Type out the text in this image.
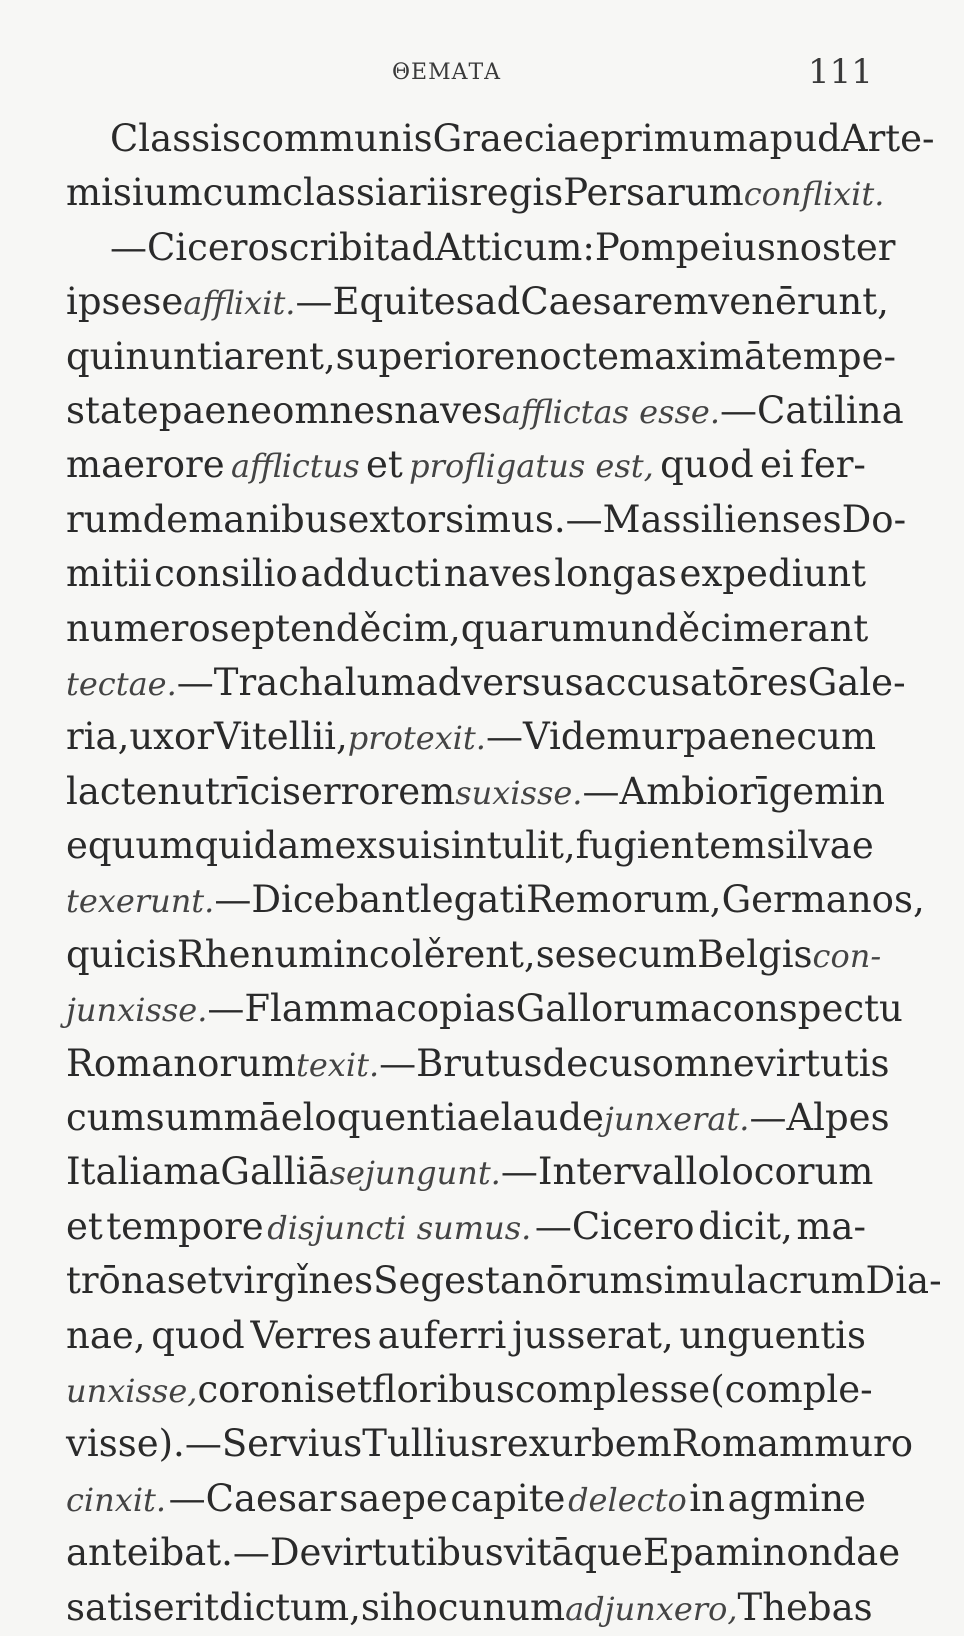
ΘΕΜΑΤΑ	111
Classis communis Graeciae primum apud Arte-
misium cum classiariis regis Persarum conflixit.
—Cicero scribit ad Atticum: Pompeius noster
ipse se afflixit. —Equites ad Caesarem venērunt,
qui nuntiarent, superiore nocte maximā tempe-
state paene omnes naves afflictas esse. —Catilina
maerore afflictus et profligatus est, quod ei fer-
rum de manibus extorsimus. —Massilienses Do-
mitii consilio adducti naves longas expediunt
numero septenděcim, quarum unděcim erant
tectae. —Trachalum adversus accusatōres Gale-
ria, uxor Vitellii, protexit. —Videmur paene cum
lacte nutrīcis errorem suxisse. —Ambiorīgem in
equum quidam ex suis intulit, fugientem silvae
texerunt. —Dicebant legati Remorum, Germanos,
qui cis Rhenum incolěrent, sese cum Belgis con-
junxisse. —Flamma copias Gallorum a conspectu
Romanorum texit. —Brutus decus omne virtutis
cum summā eloquentiae laude junxerat. —Alpes
Italiam a Galliā sejungunt. —Intervallo locorum
et tempore disjuncti sumus. —Cicero dicit, ma-
trōnas et virgǐnes Segestanōrum simulacrum Dia-
nae, quod Verres auferri jusserat, unguentis
unxisse, coronis et floribus complesse (comple-
visse). —Servius Tullius rex urbem Romam muro
cinxit. —Caesar saepe capite delecto in agmine
anteibat. —De virtutibus vitāque Epaminondae
satis erit dictum, si hoc unum adjunxero, Thebas
